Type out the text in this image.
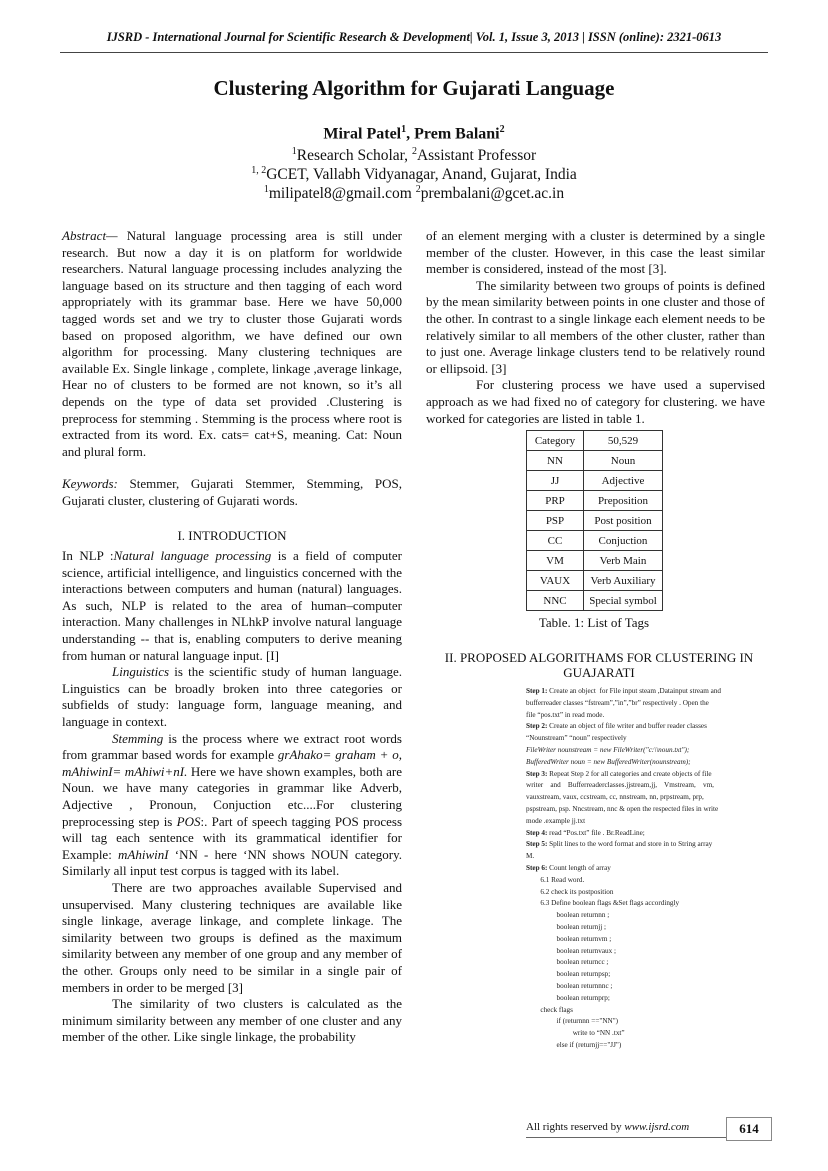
IJSRD - International Journal for Scientific Research & Development| Vol. 1, Issue 3, 2013 | ISSN (online): 2321-0613
Clustering Algorithm for Gujarati Language
Miral Patel$^1$, Prem Balani$^2$
$^1$Research Scholar, $^2$Assistant Professor
$^{1, 2}$GCET, Vallabh Vidyanagar, Anand, Gujarat, India
$^1$milipatel8@gmail.com $^2$prembalani@gcet.ac.in

Abstract— Natural language processing area is still under research. But now a day it is on platform for worldwide researchers. Natural language processing includes analyzing the language based on its structure and then tagging of each word appropriately with its grammar base. Here we have 50,000 tagged words set and we try to cluster those Gujarati words based on proposed algorithm, we have defined our own algorithm for processing. Many clustering techniques are available Ex. Single linkage , complete, linkage ,average linkage, Hear no of clusters to be formed are not known, so it’s all depends on the type of data set provided .Clustering is preprocess for stemming . Stemming is the process where root is extracted from its word. Ex. cats= cat+S, meaning. Cat: Noun and plural form.

Keywords: Stemmer, Gujarati Stemmer, Stemming, POS, Gujarati cluster, clustering of Gujarati words.

I. INTRODUCTION

In NLP :Natural language processing is a field of computer science, artificial intelligence, and linguistics concerned with the interactions between computers and human (natural) languages. As such, NLP is related to the area of human–computer interaction. Many challenges in NLhkP involve natural language understanding -- that is, enabling computers to derive meaning from human or natural language input. [I]

Linguistics is the scientific study of human language. Linguistics can be broadly broken into three categories or subfields of study: language form, language meaning, and language in context.

Stemming is the process where we extract root words from grammar based words for example grAhako= graham + o, mAhiwinI= mAhiwi+nI. Here we have shown examples, both are Noun. we have many categories in grammar like Adverb, Adjective , Pronoun, Conjuction etc....For clustering preprocessing step is POS:. Part of speech tagging POS process will tag each sentence with its grammatical identifier for Example: mAhiwinI ‘NN - here ‘NN shows NOUN category. Similarly all input test corpus is tagged with its label.

There are two approaches available Supervised and unsupervised. Many clustering techniques are available like single linkage, average linkage, and complete linkage. The similarity between two groups is defined as the maximum similarity between any member of one group and any member of the other. Groups only need to be similar in a single pair of members in order to be merged [3]

The similarity of two clusters is calculated as the minimum similarity between any member of one cluster and any member of the other. Like single linkage, the probability

of an element merging with a cluster is determined by a single member of the cluster. However, in this case the least similar member is considered, instead of the most [3].

The similarity between two groups of points is defined by the mean similarity between points in one cluster and those of the other. In contrast to a single linkage each element needs to be relatively similar to all members of the other cluster, rather than to just one. Average linkage clusters tend to be relatively round or ellipsoid. [3]

For clustering process we have used a supervised approach as we had fixed no of category for clustering. we have worked for categories are listed in table 1.

Category	50,529
NN	Noun
JJ	Adjective
PRP	Preposition
PSP	Post position
CC	Conjuction
VM	Verb Main
VAUX	Verb Auxiliary
NNC	Special symbol
Table. 1: List of Tags
II. PROPOSED ALGORITHAMS FOR CLUSTERING IN GUAJARATI
Step 1: Create an object  for File input steam ,Datainput stream and
bufferreader classes “fstream”,”in”,”br” respectively . Open the
file “pos.txt” in read mode.
Step 2: Create an object of file writer and buffer reader classes
“Nounstream” “noun” respectively
FileWriter nounstream = new FileWriter("c:\\noun.txt");
BufferedWriter noun = new BufferedWriter(nounstream);
Step 3: Repeat Step 2 for all categories and create objects of file
writer    and    Bufferreaderclasses.jjstream,jj,    Vmstream,    vm,
vauxstream, vaux, ccstream, cc, nnstream, nn, prpstream, prp,
pspstream, psp. Nncstream, nnc & open the respected files in write
mode .example jj.txt
Step 4: read “Pos.txt” file . Br.ReadLine;
Step 5: Split lines to the word format and store in to String array
M.
Step 6: Count length of array
6.1 Read word.
6.2 check its postposition
6.3 Define boolean flags &Set flags accordingly
boolean returnnn ;
boolean returnjj ;
boolean returnvm ;
boolean returnvaux ;
boolean returncc ;
boolean returnpsp;
boolean returnnnc ;
boolean returnprp;
check flags
if (returnnn =="NN")
write to “NN .txt”
else if (returnjj=="JJ")
All rights reserved by www.ijsrd.com	614
